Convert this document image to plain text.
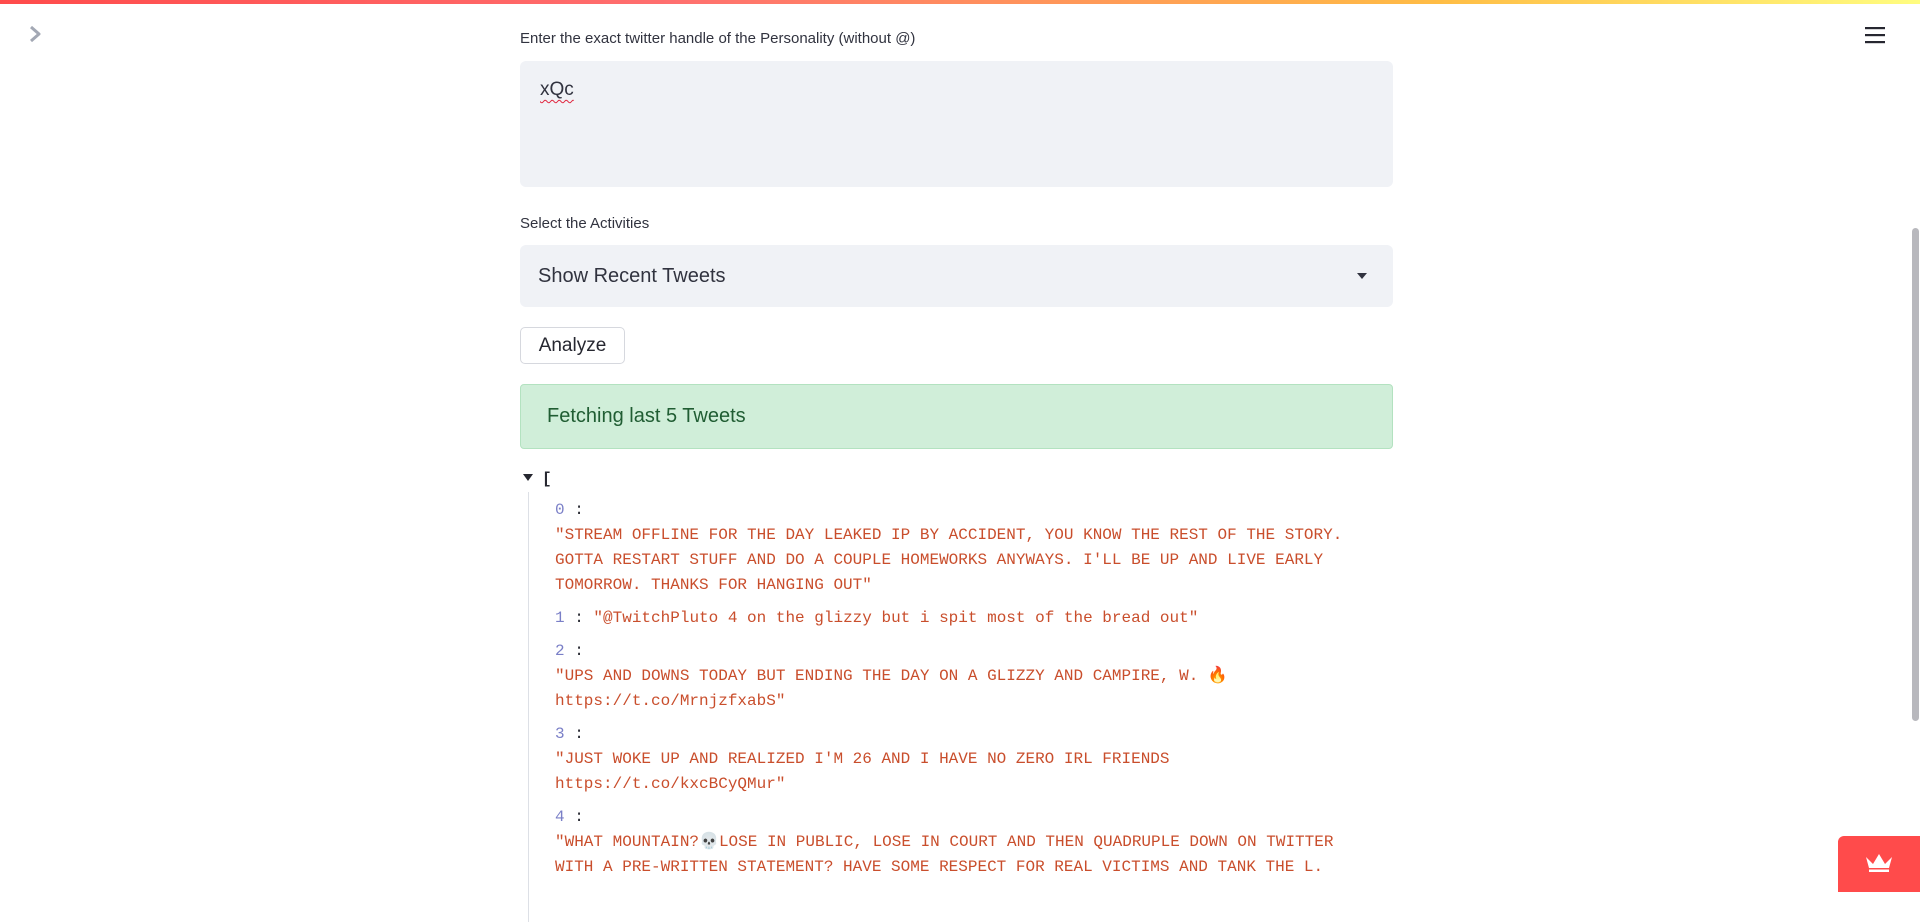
Enter the exact twitter handle of the Personality (without @)
xQc
Select the Activities
Show Recent Tweets
Analyze
Fetching last 5 Tweets
[
0 :
"STREAM OFFLINE FOR THE DAY LEAKED IP BY ACCIDENT, YOU KNOW THE REST OF THE STORY.
GOTTA RESTART STUFF AND DO A COUPLE HOMEWORKS ANYWAYS. I'LL BE UP AND LIVE EARLY
TOMORROW. THANKS FOR HANGING OUT"
1 : "@TwitchPluto 4 on the glizzy but i spit most of the bread out"
2 :
"UPS AND DOWNS TODAY BUT ENDING THE DAY ON A GLIZZY AND CAMPIRE, W. 🔥
https://t.co/MrnjzfxabS"
3 :
"JUST WOKE UP AND REALIZED I'M 26 AND I HAVE NO ZERO IRL FRIENDS
https://t.co/kxcBCyQMur"
4 :
"WHAT MOUNTAIN?💀LOSE IN PUBLIC, LOSE IN COURT AND THEN QUADRUPLE DOWN ON TWITTER
WITH A PRE-WRITTEN STATEMENT? HAVE SOME RESPECT FOR REAL VICTIMS AND TANK THE L.
